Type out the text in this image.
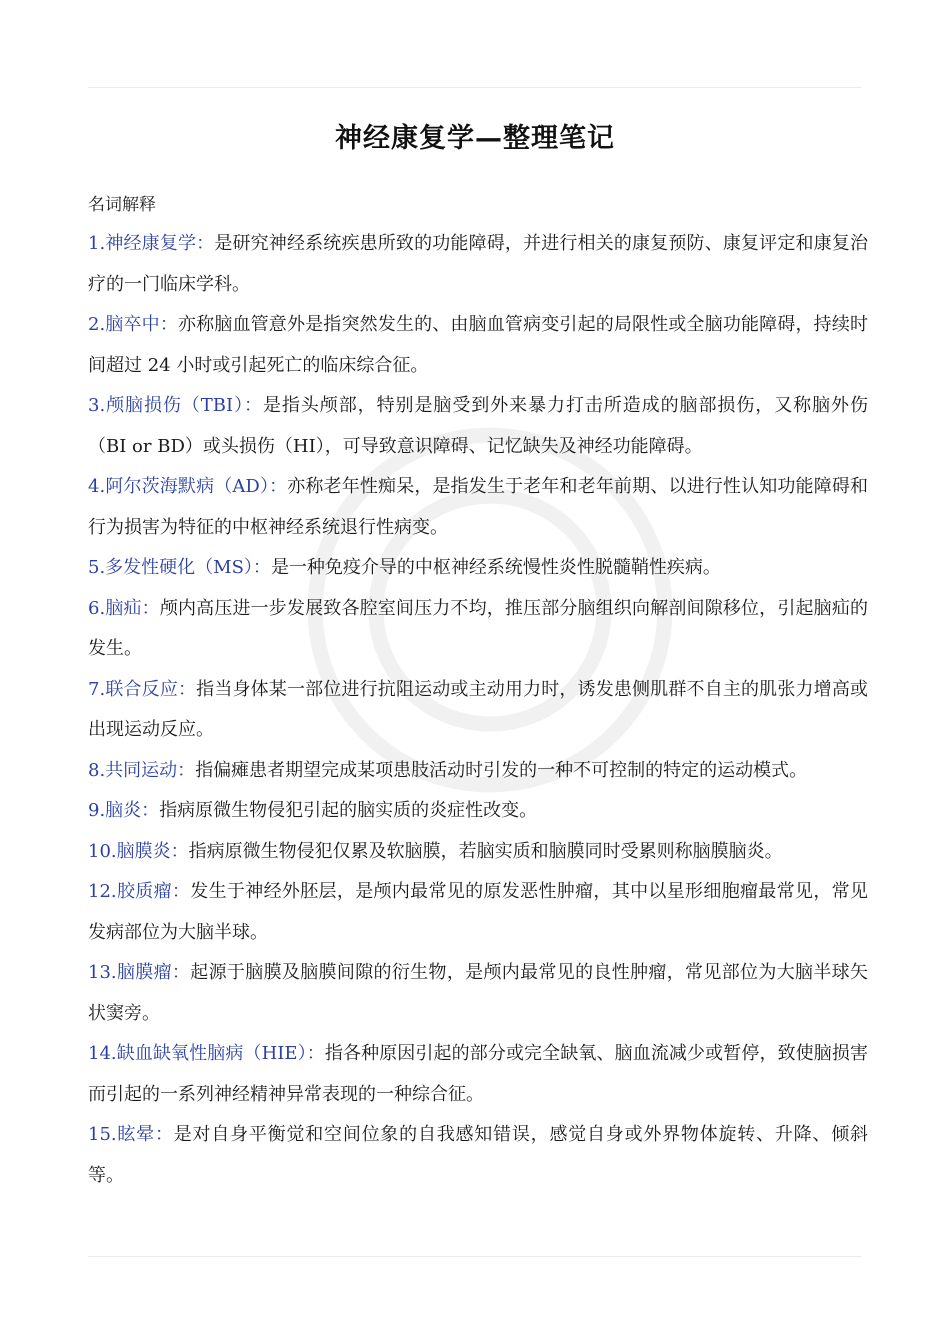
神经康复学—整理笔记
名词解释
1.神经康复学：是研究神经系统疾患所致的功能障碍，并进行相关的康复预防、康复评定和康复治疗的一门临床学科。
2.脑卒中：亦称脑血管意外是指突然发生的、由脑血管病变引起的局限性或全脑功能障碍，持续时间超过 24 小时或引起死亡的临床综合征。
3.颅脑损伤（TBI）：是指头颅部，特别是脑受到外来暴力打击所造成的脑部损伤，又称脑外伤（BI or BD）或头损伤（HI），可导致意识障碍、记忆缺失及神经功能障碍。
4.阿尔茨海默病（AD）：亦称老年性痴呆，是指发生于老年和老年前期、以进行性认知功能障碍和行为损害为特征的中枢神经系统退行性病变。
5.多发性硬化（MS）：是一种免疫介导的中枢神经系统慢性炎性脱髓鞘性疾病。
6.脑疝：颅内高压进一步发展致各腔室间压力不均，推压部分脑组织向解剖间隙移位，引起脑疝的发生。
7.联合反应：指当身体某一部位进行抗阻运动或主动用力时，诱发患侧肌群不自主的肌张力增高或出现运动反应。
8.共同运动：指偏瘫患者期望完成某项患肢活动时引发的一种不可控制的特定的运动模式。
9.脑炎：指病原微生物侵犯引起的脑实质的炎症性改变。
10.脑膜炎：指病原微生物侵犯仅累及软脑膜，若脑实质和脑膜同时受累则称脑膜脑炎。
12.胶质瘤：发生于神经外胚层，是颅内最常见的原发恶性肿瘤，其中以星形细胞瘤最常见，常见发病部位为大脑半球。
13.脑膜瘤：起源于脑膜及脑膜间隙的衍生物，是颅内最常见的良性肿瘤，常见部位为大脑半球矢状窦旁。
14.缺血缺氧性脑病（HIE）：指各种原因引起的部分或完全缺氧、脑血流减少或暂停，致使脑损害而引起的一系列神经精神异常表现的一种综合征。
15.眩晕：是对自身平衡觉和空间位象的自我感知错误，感觉自身或外界物体旋转、升降、倾斜等。
